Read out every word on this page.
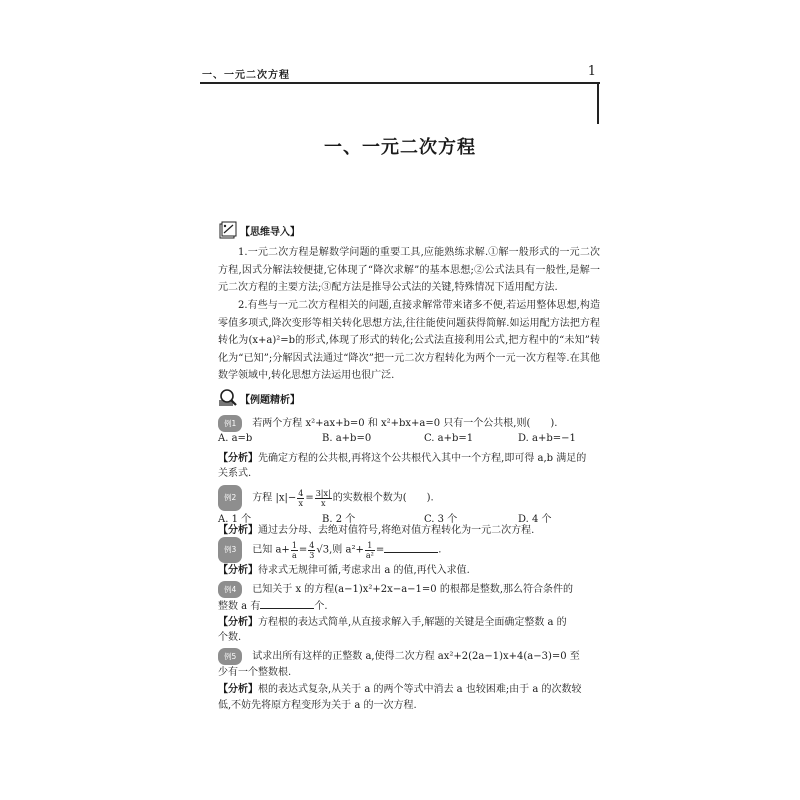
一、一元二次方程	1
一、一元二次方程
【思维导入】
1.一元二次方程是解数学问题的重要工具,应能熟练求解.①解一般形式的一元二次方程,因式分解法较便捷,它体现了“降次求解”的基本思想;②公式法具有一般性,是解一元二次方程的主要方法;③配方法是推导公式法的关键,特殊情况下适用配方法.
2.有些与一元二次方程相关的问题,直接求解常带来诸多不便,若运用整体思想,构造零值多项式,降次变形等相关转化思想方法,往往能使问题获得简解.如运用配方法把方程转化为(x+a)²=b的形式,体现了形式的转化;公式法直接利用公式,把方程中的“未知”转化为“已知”;分解因式法通过“降次”把一元二次方程转化为两个一元一次方程等.在其他数学领域中,转化思想方法运用也很广泛.
【例题精析】
例1 若两个方程 x²+ax+b=0 和 x²+bx+a=0 只有一个公共根,则(　　).
A. a=b	B. a+b=0	C. a+b=1	D. a+b=−1
【分析】先确定方程的公共根,再将这个公共根代入其中一个方程,即可得 a,b 满足的
关系式.
例2 方程 $|x|- \frac{4}{x} = \frac{3|x|}{x}$ 的实数根个数为(　　).
A. 1 个	B. 2 个	C. 3 个	D. 4 个
【分析】通过去分母、去绝对值符号,将绝对值方程转化为一元二次方程.
例3 已知 $a+ \frac{1}{a} = \frac{4}{3} √3$,则 $a^2+ \frac{1}{\text{a²}}$ =	.
【分析】待求式无规律可循,考虑求出 a 的值,再代入求值.
例4 已知关于 x 的方程(a−1)x²+2x−a−1=0 的根都是整数,那么符合条件的
整数 a 有	个.
【分析】方程根的表达式简单,从直接求解入手,解题的关键是全面确定整数 a 的
个数.
例5 试求出所有这样的正整数 a,使得二次方程 ax²+2(2a−1)x+4(a−3)=0 至
少有一个整数根.
【分析】根的表达式复杂,从关于 a 的两个等式中消去 a 也较困难;由于 a 的次数较
低,不妨先将原方程变形为关于 a 的一次方程.
